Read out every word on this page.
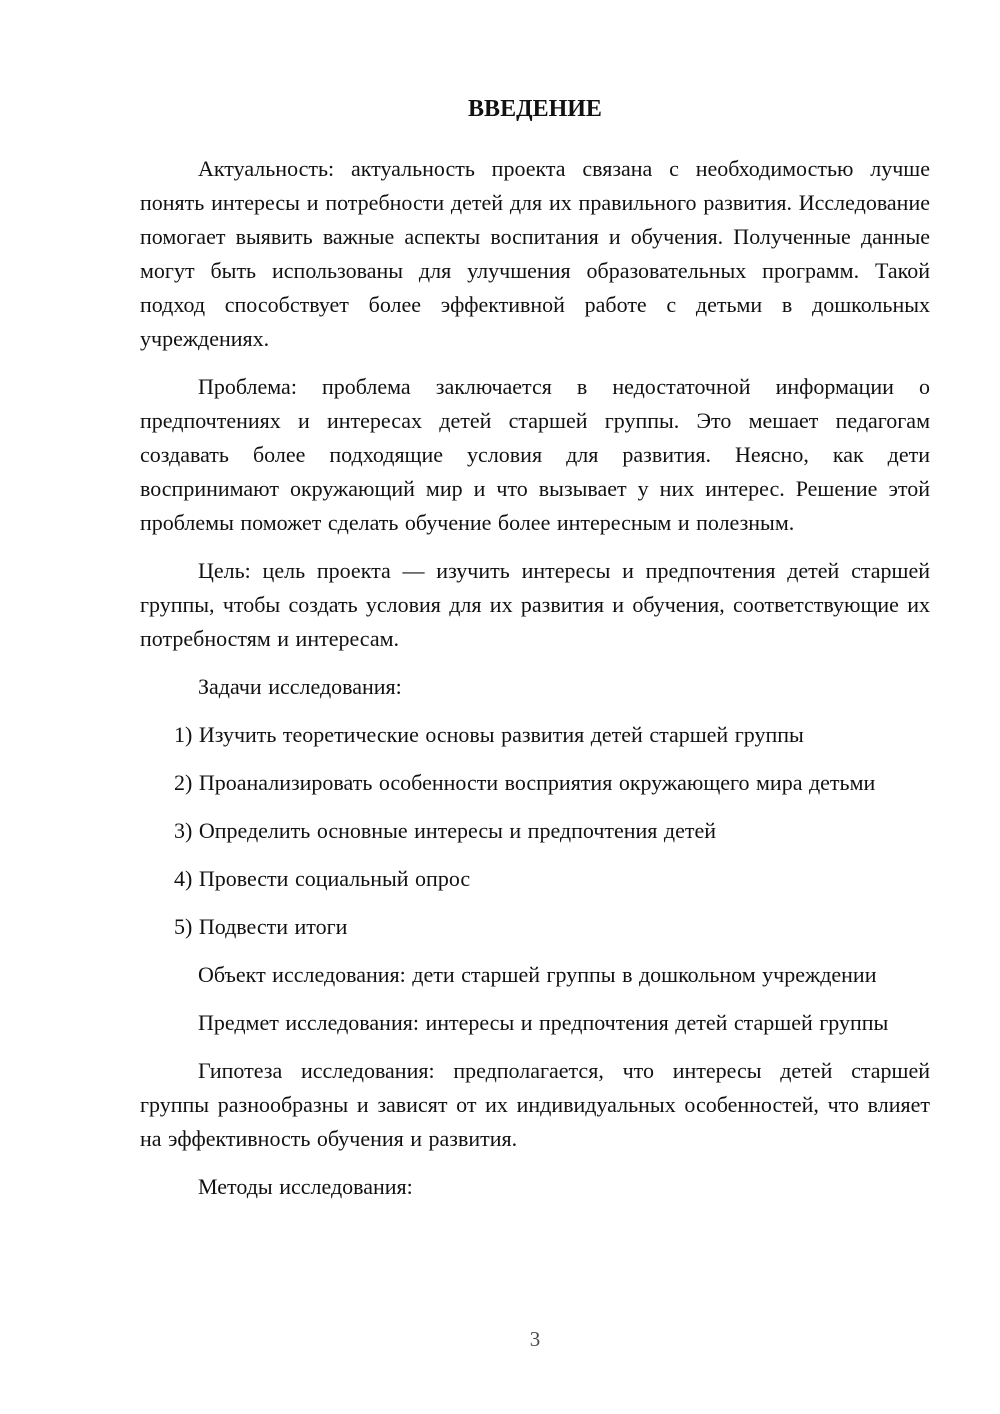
ВВЕДЕНИЕ

Актуальность: актуальность проекта связана с необходимостью лучше понять интересы и потребности детей для их правильного развития. Исследование помогает выявить важные аспекты воспитания и обучения. Полученные данные могут быть использованы для улучшения образовательных программ. Такой подход способствует более эффективной работе с детьми в дошкольных учреждениях.

Проблема: проблема заключается в недостаточной информации о предпочтениях и интересах детей старшей группы. Это мешает педагогам создавать более подходящие условия для развития. Неясно, как дети воспринимают окружающий мир и что вызывает у них интерес. Решение этой проблемы поможет сделать обучение более интересным и полезным.

Цель: цель проекта — изучить интересы и предпочтения детей старшей группы, чтобы создать условия для их развития и обучения, соответствующие их потребностям и интересам.

Задачи исследования:

1) Изучить теоретические основы развития детей старшей группы

2) Проанализировать особенности восприятия окружающего мира детьми

3) Определить основные интересы и предпочтения детей

4) Провести социальный опрос

5) Подвести итоги

Объект исследования: дети старшей группы в дошкольном учреждении

Предмет исследования: интересы и предпочтения детей старшей группы

Гипотеза исследования: предполагается, что интересы детей старшей группы разнообразны и зависят от их индивидуальных особенностей, что влияет на эффективность обучения и развития.

Методы исследования:

3
